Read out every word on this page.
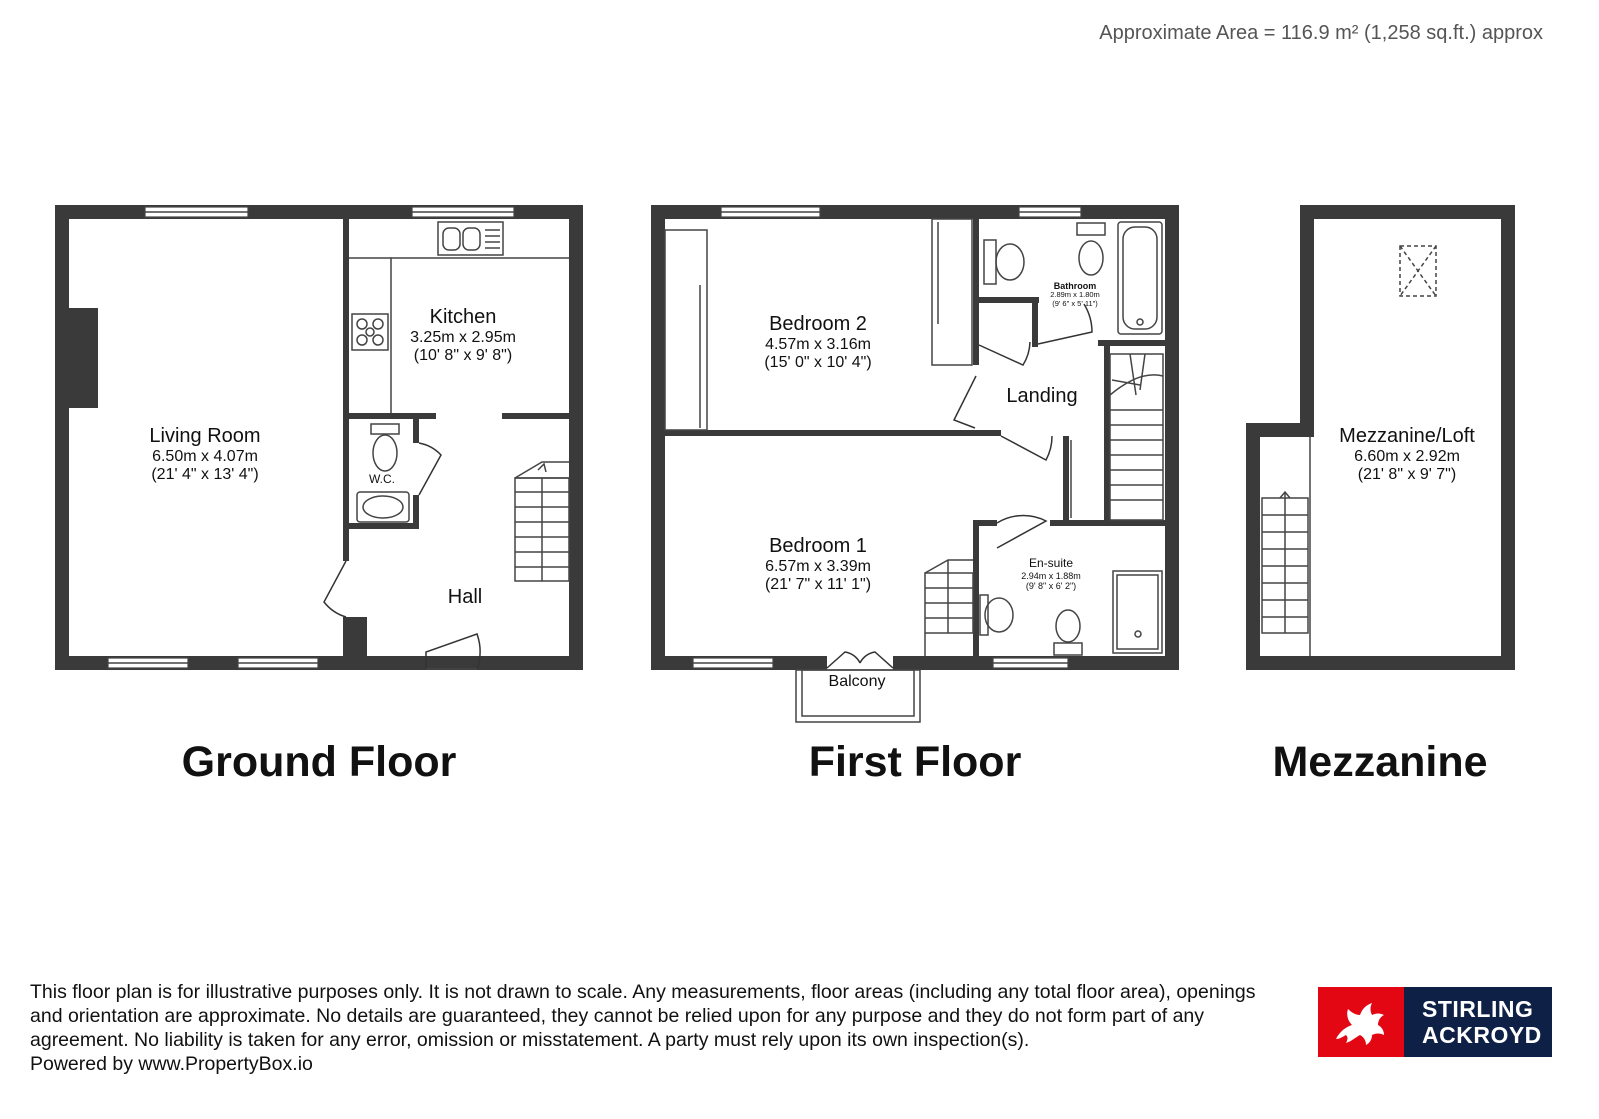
Approximate Area = 116.9 m² (1,258 sq.ft.) approx
Living Room
6.50m x 4.07m
(21' 4" x 13' 4")
Kitchen
3.25m x 2.95m
(10' 8" x 9' 8")
W.C.
Hall
Bedroom 2
4.57m x 3.16m
(15' 0" x 10' 4")
Bathroom
2.89m x 1.80m
(9' 6" x 5' 11")
Landing
Bedroom 1
6.57m x 3.39m
(21' 7" x 11' 1")
En-suite
2.94m x 1.88m
(9' 8" x 6' 2")
Balcony
Mezzanine/Loft
6.60m x 2.92m
(21' 8" x 9' 7")
Ground Floor	First Floor	Mezzanine
This floor plan is for illustrative purposes only. It is not drawn to scale. Any measurements, floor areas (including any total floor area), openings and orientation are approximate. No details are guaranteed, they cannot be relied upon for any purpose and they do not form part of any agreement. No liability is taken for any error, omission or misstatement. A party must rely upon its own inspection(s).
Powered by www.PropertyBox.io
STIRLING
ACKROYD
